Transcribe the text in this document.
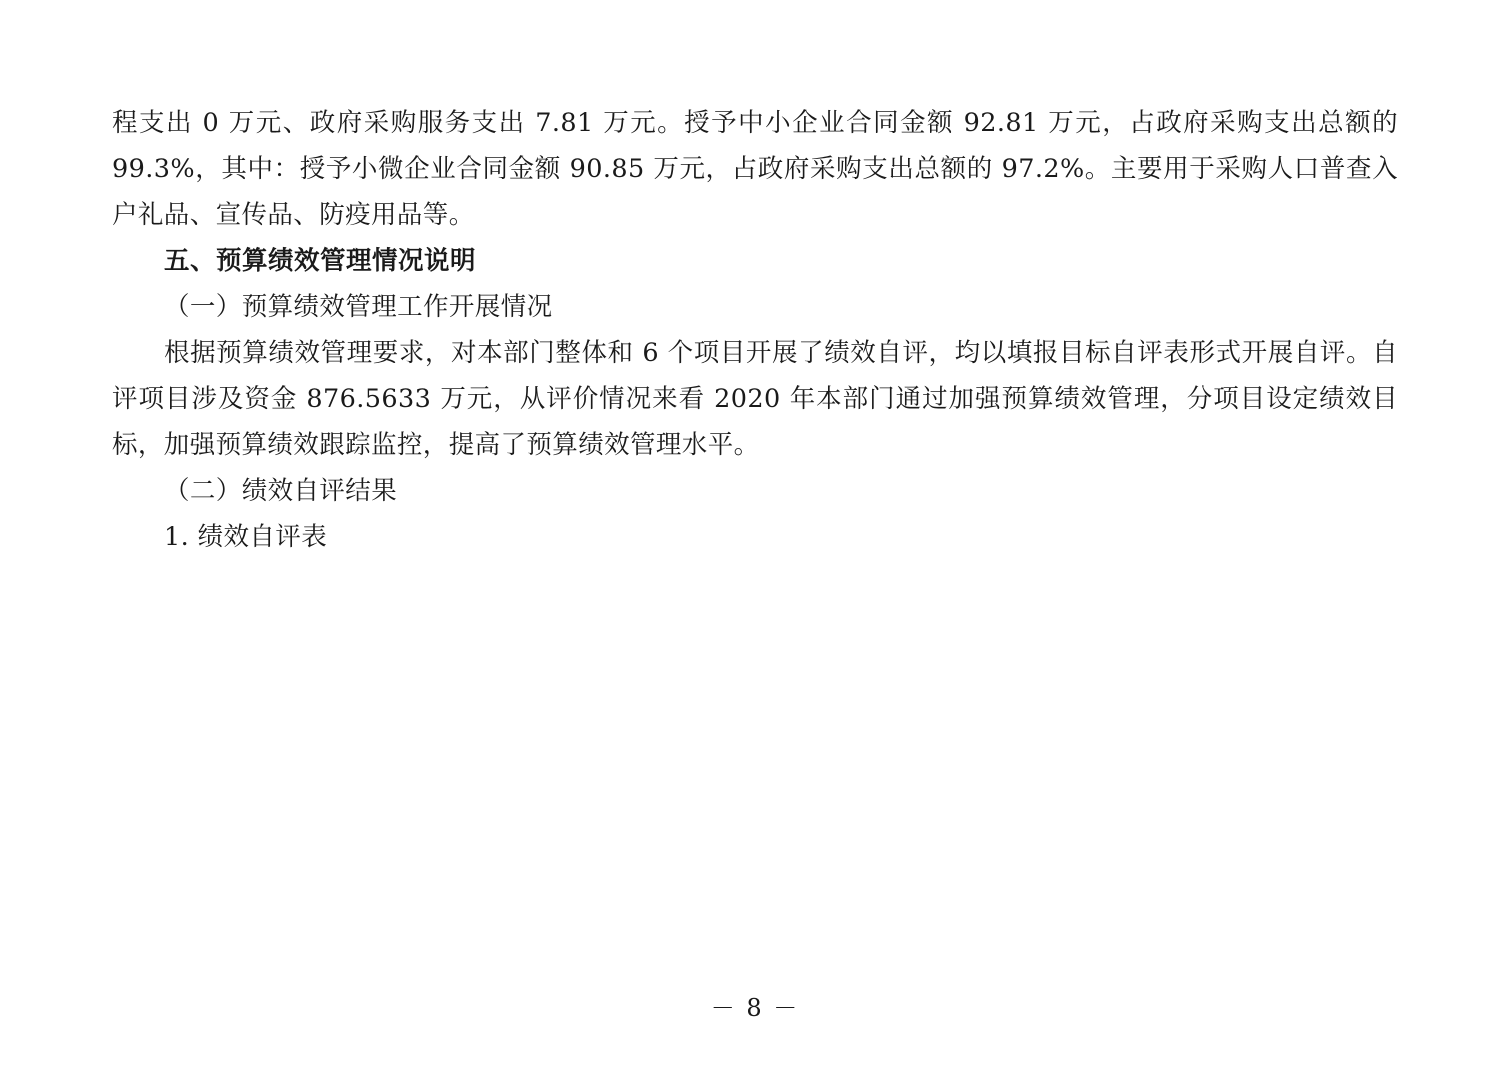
程支出 0 万元、政府采购服务支出 7.81 万元。授予中小企业合同金额 92.81 万元，占政府采购支出总额的 99.3%，其中：授予小微企业合同金额 90.85 万元，占政府采购支出总额的 97.2%。主要用于采购人口普查入户礼品、宣传品、防疫用品等。

五、预算绩效管理情况说明

（一）预算绩效管理工作开展情况

根据预算绩效管理要求，对本部门整体和 6 个项目开展了绩效自评，均以填报目标自评表形式开展自评。自评项目涉及资金 876.5633 万元，从评价情况来看 2020 年本部门通过加强预算绩效管理，分项目设定绩效目标，加强预算绩效跟踪监控，提高了预算绩效管理水平。

（二）绩效自评结果

1. 绩效自评表

－ 8 －
